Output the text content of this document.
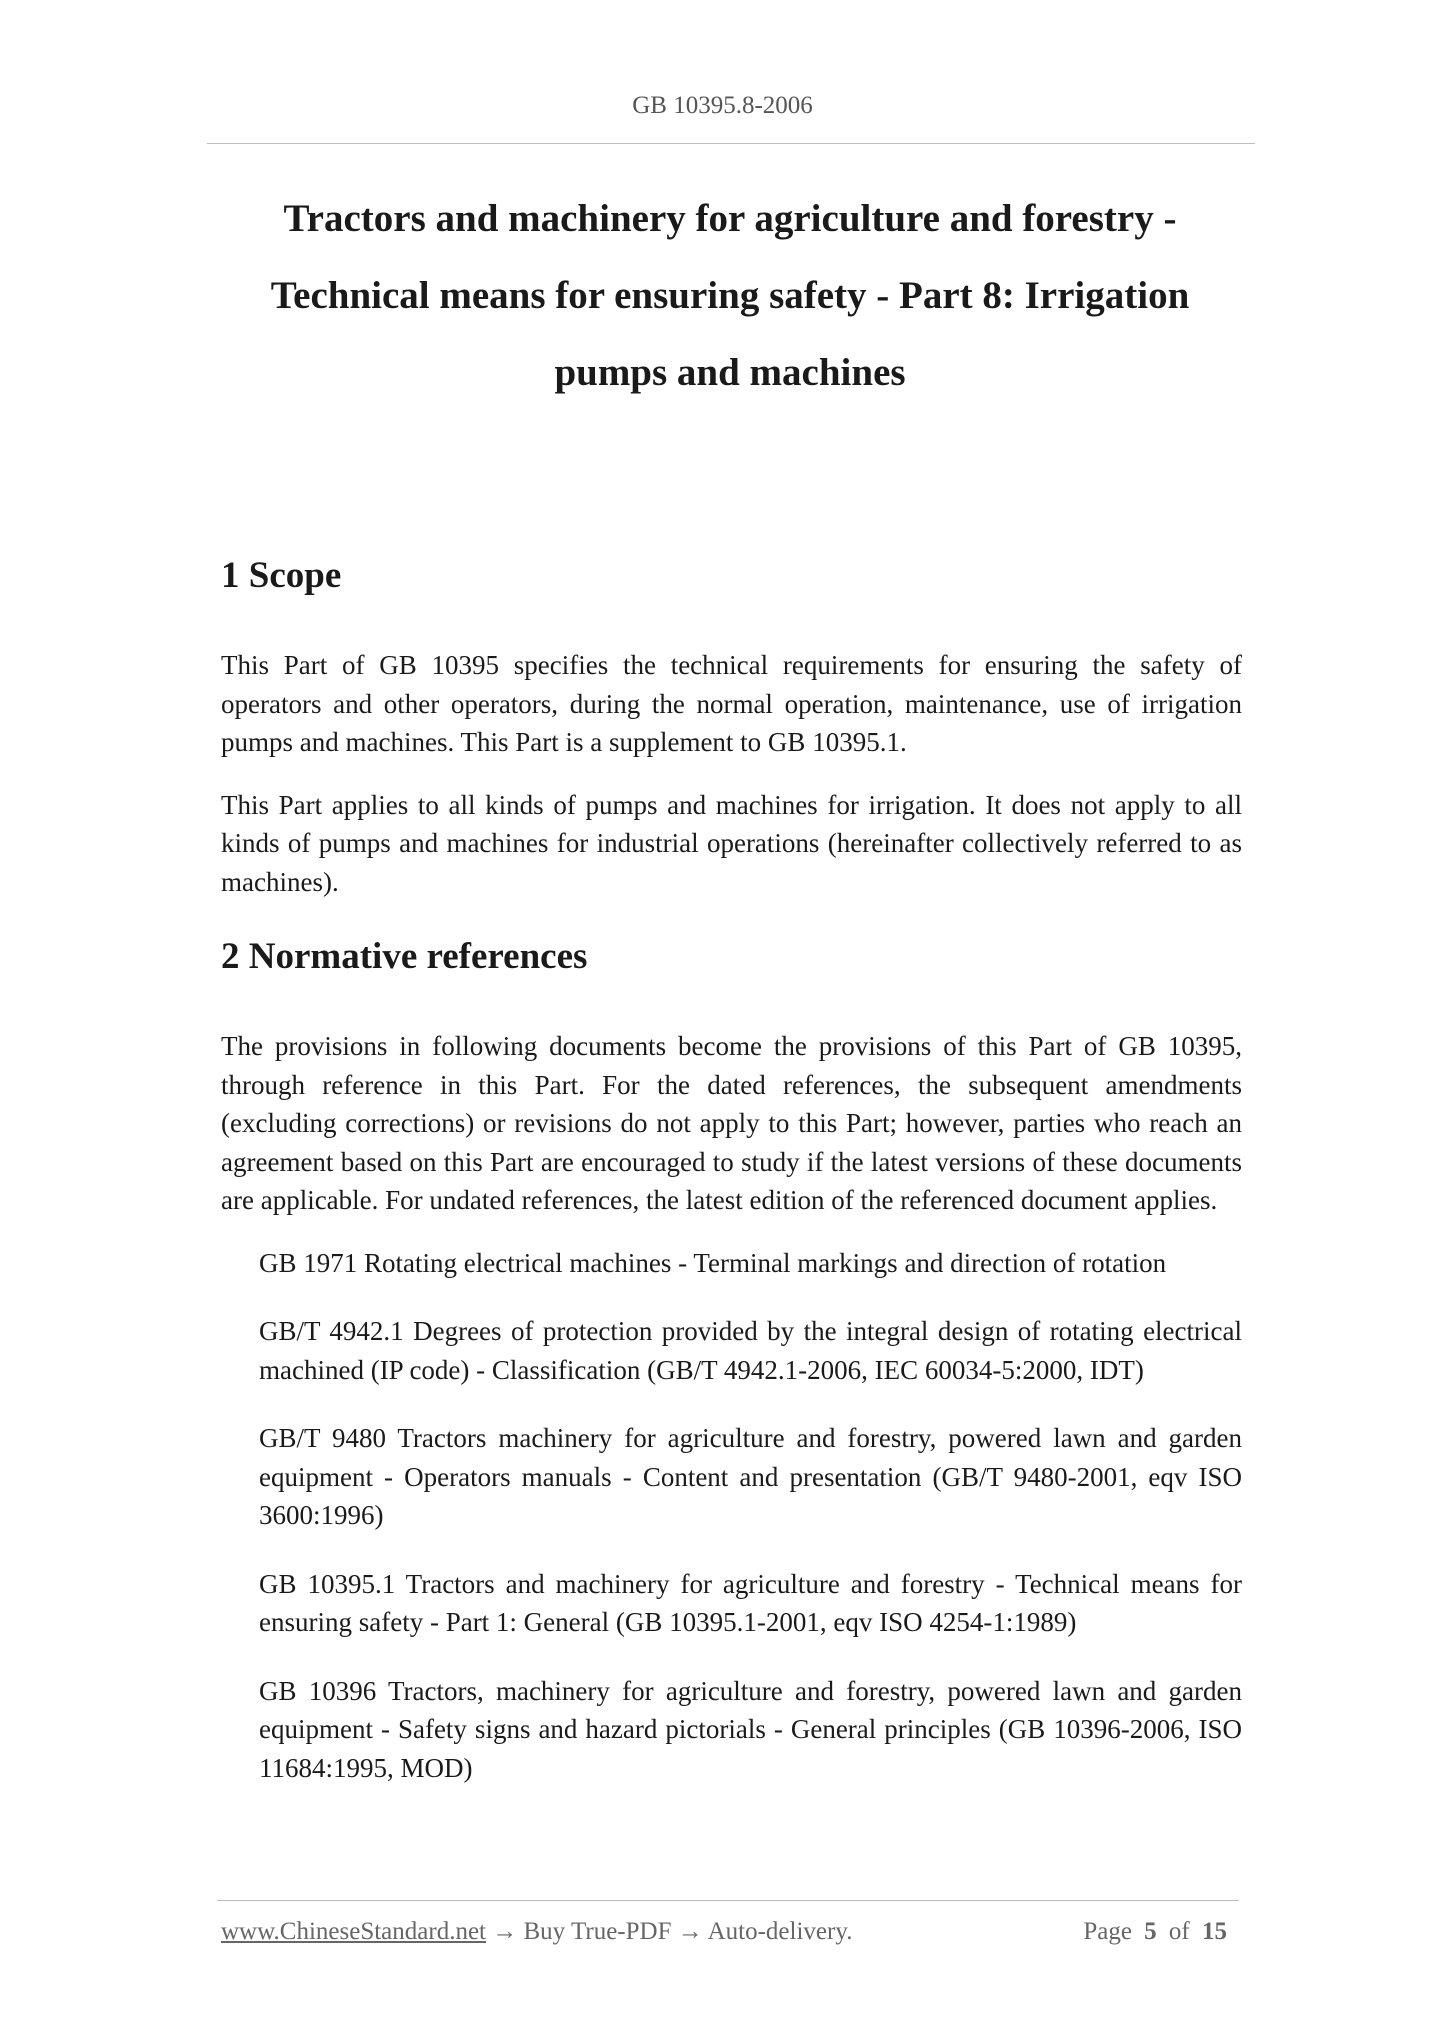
GB 10395.8-2006
Tractors and machinery for agriculture and forestry - Technical means for ensuring safety - Part 8: Irrigation pumps and machines
1 Scope

This Part of GB 10395 specifies the technical requirements for ensuring the safety of operators and other operators, during the normal operation, maintenance, use of irrigation pumps and machines. This Part is a supplement to GB 10395.1.

This Part applies to all kinds of pumps and machines for irrigation. It does not apply to all kinds of pumps and machines for industrial operations (hereinafter collectively referred to as machines).

2 Normative references

The provisions in following documents become the provisions of this Part of GB 10395, through reference in this Part. For the dated references, the subsequent amendments (excluding corrections) or revisions do not apply to this Part; however, parties who reach an agreement based on this Part are encouraged to study if the latest versions of these documents are applicable. For undated references, the latest edition of the referenced document applies.

GB 1971 Rotating electrical machines - Terminal markings and direction of rotation
GB/T 4942.1 Degrees of protection provided by the integral design of rotating electrical machined (IP code) - Classification (GB/T 4942.1-2006, IEC 60034-5:2000, IDT)
GB/T 9480 Tractors machinery for agriculture and forestry, powered lawn and garden equipment - Operators manuals - Content and presentation (GB/T 9480-2001, eqv ISO 3600:1996)
GB 10395.1 Tractors and machinery for agriculture and forestry - Technical means for ensuring safety - Part 1: General (GB 10395.1-2001, eqv ISO 4254-1:1989)
GB 10396 Tractors, machinery for agriculture and forestry, powered lawn and garden equipment - Safety signs and hazard pictorials - General principles (GB 10396-2006, ISO 11684:1995, MOD)
www.ChineseStandard.net → Buy True-PDF → Auto-delivery.	Page 5 of 15
